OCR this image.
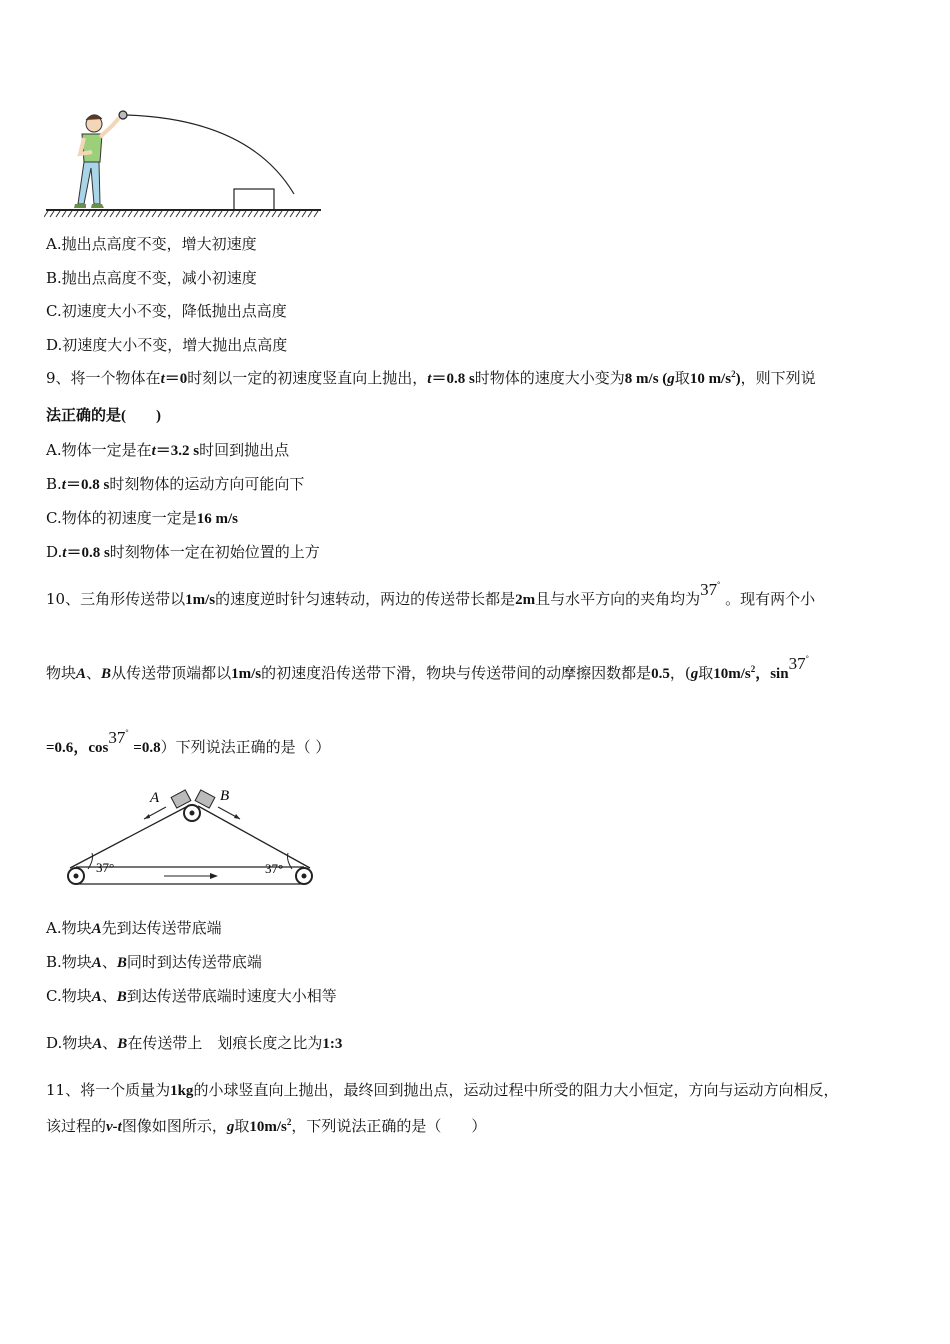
A.抛出点高度不变，增大初速度
B.抛出点高度不变，减小初速度
C.初速度大小不变，降低抛出点高度
D.初速度大小不变，增大抛出点高度
9、将一个物体在t＝0时刻以一定的初速度竖直向上抛出，t＝0.8 s时物体的速度大小变为8 m/s (g取10 $m/s^2$)，则下列说
法正确的是(　　)
A.物体一定是在t＝3.2 s时回到抛出点
B.t＝0.8 s时刻物体的运动方向可能向下
C.物体的初速度一定是16 m/s
D.t＝0.8 s时刻物体一定在初始位置的上方
10、三角形传送带以1m/s的速度逆时针匀速转动，两边的传送带长都是2m且与水平方向的夹角均为37° 。现有两个小
物块A、B从传送带顶端都以1m/s的初速度沿传送带下滑，物块与传送带间的动摩擦因数都是0.5，(g取$10m/s^2$，sin37°
=0.6，cos37° =0.8）下列说法正确的是（ ）
A	B
37°	37°
A.物块A先到达传送带底端
B.物块A、B同时到达传送带底端
C.物块A、B到达传送带底端时速度大小相等
D.物块A、B在传送带上　划痕长度之比为1:3
11、将一个质量为1kg的小球竖直向上抛出，最终回到抛出点，运动过程中所受的阻力大小恒定，方向与运动方向相反，
该过程的v-t图像如图所示，g取$10m/s^2$，下列说法正确的是（　　）
